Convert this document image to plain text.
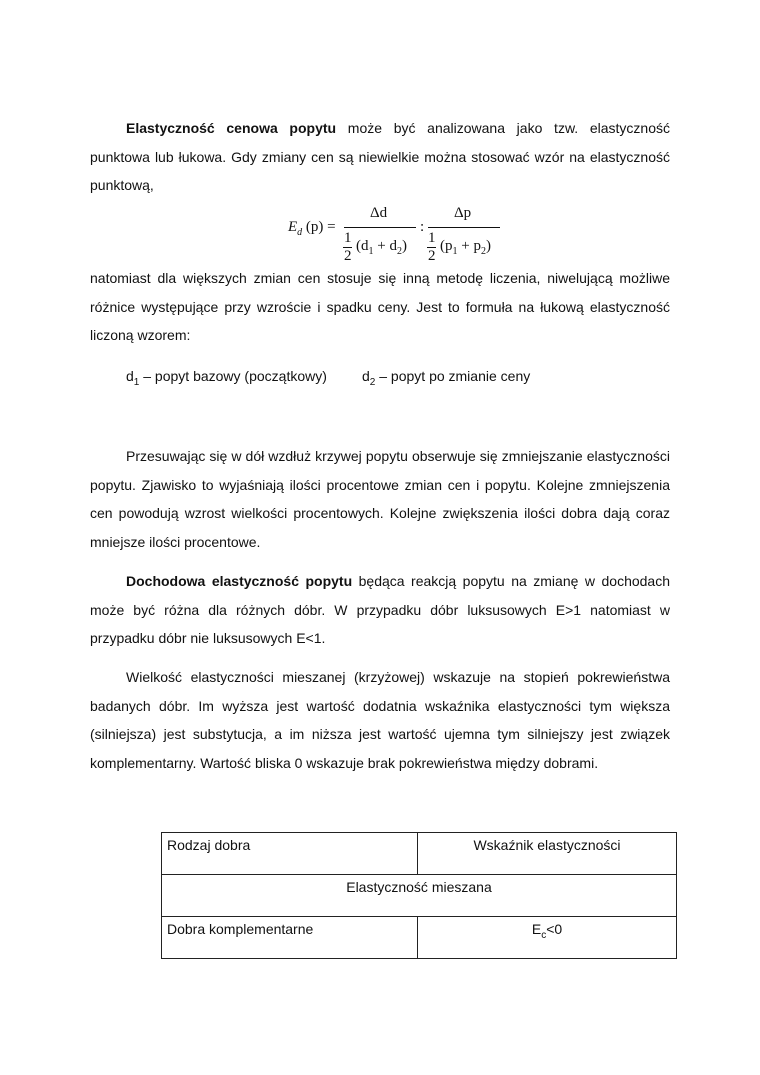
Elastyczność cenowa popytu może być analizowana jako tzw. elastyczność punktowa lub łukowa. Gdy zmiany cen są niewielkie można stosować wzór na elastyczność punktową,

$E_d$ (p) =
Δd
1
2
$(d_1 + d_2)$
:
Δp
1
2
$(p_1 + p_2)$

natomiast dla większych zmian cen stosuje się inną metodę liczenia, niwelującą możliwe różnice występujące przy wzroście i spadku ceny. Jest to formuła na łukową elastyczność liczoną wzorem:

$d_1$ – popyt bazowy (początkowy)	$d_2$ – popyt po zmianie ceny

Przesuwając się w dół wzdłuż krzywej popytu obserwuje się zmniejszanie elastyczności popytu. Zjawisko to wyjaśniają ilości procentowe zmian cen i popytu. Kolejne zmniejszenia cen powodują wzrost wielkości procentowych. Kolejne zwiększenia ilości dobra dają coraz mniejsze ilości procentowe.

Dochodowa elastyczność popytu będąca reakcją popytu na zmianę w dochodach może być różna dla różnych dóbr. W przypadku dóbr luksusowych E>1 natomiast w przypadku dóbr nie luksusowych E<1.

Wielkość elastyczności mieszanej (krzyżowej) wskazuje na stopień pokrewieństwa badanych dóbr. Im wyższa jest wartość dodatnia wskaźnika elastyczności tym większa (silniejsza) jest substytucja, a im niższa jest wartość ujemna tym silniejszy jest związek komplementarny. Wartość bliska 0 wskazuje brak pokrewieństwa między dobrami.

Rodzaj dobra	Wskaźnik elastyczności
Elastyczność mieszana	
Dobra komplementarne	$E_c<0$
